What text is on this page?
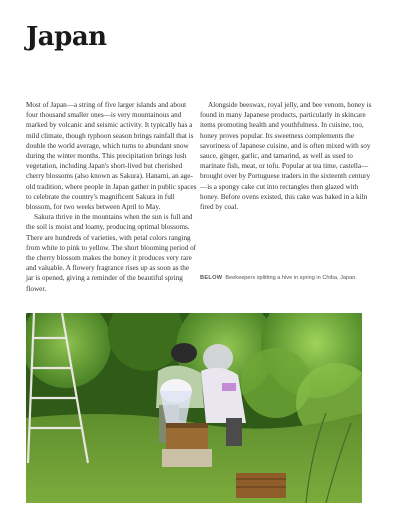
Japan

Most of Japan—a string of five larger islands and about four thousand smaller ones—is very mountainous and marked by volcanic and seismic activity. It typically has a mild climate, though typhoon season brings rainfall that is double the world average, which turns to abundant snow during the winter months. This precipitation brings lush vegetation, including Japan's short-lived but cherished cherry blossoms (also known as Sakura). Hanami, an age-old tradition, where people in Japan gather in public spaces to celebrate the country's magnificent Sakura in full blossom, for two weeks between April to May.

Sakura thrive in the mountains when the sun is full and the soil is moist and loamy, producing optimal blossoms. There are hundreds of varieties, with petal colors ranging from white to pink to yellow. The short blooming period of the cherry blossom makes the honey it produces very rare and valuable. A flowery fragrance rises up as soon as the jar is opened, giving a reminder of the beautiful spring flower.

Alongside beeswax, royal jelly, and bee venom, honey is found in many Japanese products, particularly in skincare items promoting health and youthfulness. In cuisine, too, honey proves popular. Its sweetness complements the savoriness of Japanese cuisine, and is often mixed with soy sauce, ginger, garlic, and tamarind, as well as used to marinate fish, meat, or tofu. Popular at tea time, castella—brought over by Portuguese traders in the sixteenth century—is a spongy cake cut into rectangles then glazed with honey. Before ovens existed, this cake was baked in a kiln fired by coal.

BELOW Beekeepers splitting a hive in spring in Chiba, Japan.
